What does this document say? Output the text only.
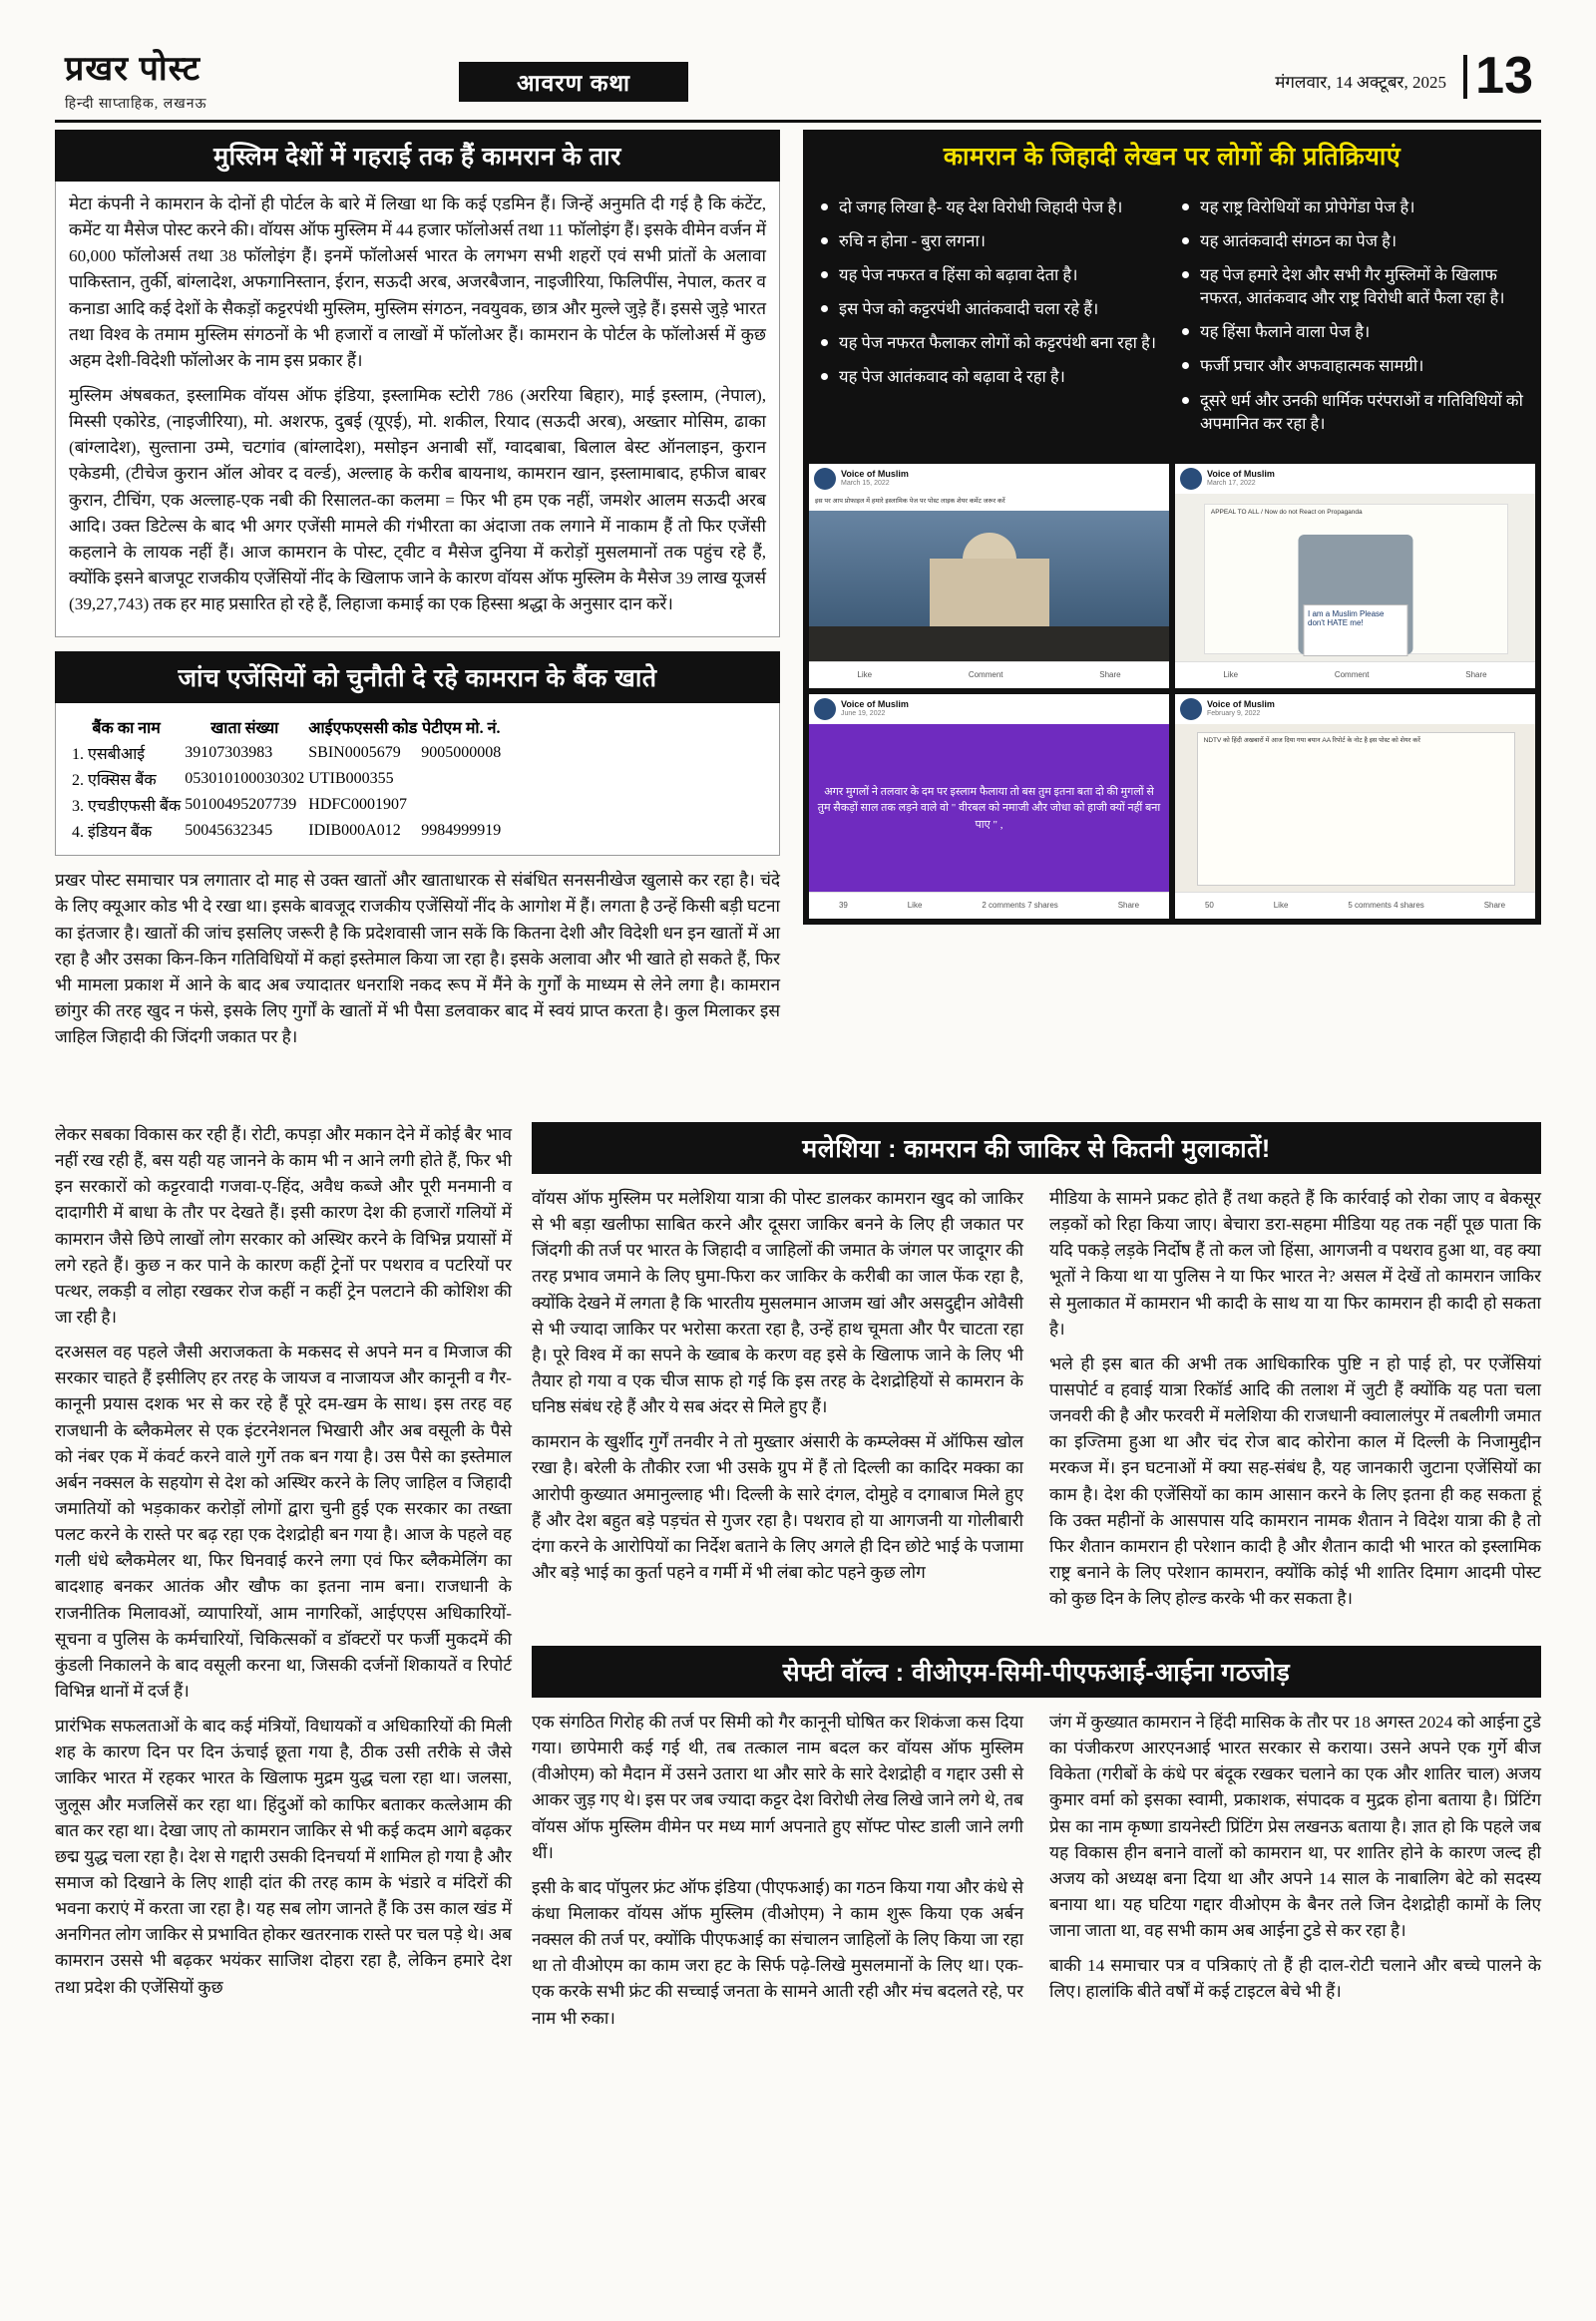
प्रखर पोस्ट
हिन्दी साप्ताहिक, लखनऊ
आवरण कथा	मंगलवार, 14 अक्टूबर, 2025 13
मुस्लिम देशों में गहराई तक हैं कामरान के तार

मेटा कंपनी ने कामरान के दोनों ही पोर्टल के बारे में लिखा था कि कई एडमिन हैं। जिन्हें अनुमति दी गई है कि कंटेंट, कमेंट या मैसेज पोस्ट करने की। वॉयस ऑफ मुस्लिम में 44 हजार फॉलोअर्स तथा 11 फॉलोइंग हैं। इसके वीमेन वर्जन में 60,000 फॉलोअर्स तथा 38 फॉलोइंग हैं। इनमें फॉलोअर्स भारत के लगभग सभी शहरों एवं सभी प्रांतों के अलावा पाकिस्तान, तुर्की, बांग्लादेश, अफगानिस्तान, ईरान, सऊदी अरब, अजरबैजान, नाइजीरिया, फिलिपींस, नेपाल, कतर व कनाडा आदि कई देशों के सैकड़ों कट्टरपंथी मुस्लिम, मुस्लिम संगठन, नवयुवक, छात्र और मुल्ले जुड़े हैं। इससे जुड़े भारत तथा विश्व के तमाम मुस्लिम संगठनों के भी हजारों व लाखों में फॉलोअर हैं। कामरान के पोर्टल के फॉलोअर्स में कुछ अहम देशी-विदेशी फॉलोअर के नाम इस प्रकार हैं।

मुस्लिम अंषबकत, इस्लामिक वॉयस ऑफ इंडिया, इस्लामिक स्टोरी 786 (अररिया बिहार), माई इस्लाम, (नेपाल), मिस्सी एकोरेड, (नाइजीरिया), मो. अशरफ, दुबई (यूएई), मो. शकील, रियाद (सऊदी अरब), अख्तार मोसिम, ढाका (बांग्लादेश), सुल्ताना उम्मे, चटगांव (बांग्लादेश), मसोइन अनाबी साँ, ग्वादबाबा, बिलाल बेस्ट ऑनलाइन, कुरान एकेडमी, (टीचेज कुरान ऑल ओवर द वर्ल्ड), अल्लाह के करीब बायनाथ, कामरान खान, इस्लामाबाद, हफीज बाबर कुरान, टीचिंग, एक अल्लाह-एक नबी की रिसालत-का कलमा = फिर भी हम एक नहीं, जमशेर आलम सऊदी अरब आदि। उक्त डिटेल्स के बाद भी अगर एजेंसी मामले की गंभीरता का अंदाजा तक लगाने में नाकाम हैं तो फिर एजेंसी कहलाने के लायक नहीं हैं। आज कामरान के पोस्ट, ट्वीट व मैसेज दुनिया में करोड़ों मुसलमानों तक पहुंच रहे हैं, क्योंकि इसने बाजपूट राजकीय एजेंसियों नींद के खिलाफ जाने के कारण वॉयस ऑफ मुस्लिम के मैसेज 39 लाख यूजर्स (39,27,743) तक हर माह प्रसारित हो रहे हैं, लिहाजा कमाई का एक हिस्सा श्रद्धा के अनुसार दान करें।

जांच एजेंसियों को चुनौती दे रहे कामरान के बैंक खाते
बैंक का नाम	खाता संख्या	आईएफएससी कोड	पेटीएम मो. नं.
1. एसबीआई	39107303983	SBIN0005679	9005000008
2. एक्सिस बैंक	053010100030302	UTIB000355	
3. एचडीएफसी बैंक	50100495207739	HDFC0001907	
4. इंडियन बैंक	50045632345	IDIB000A012	9984999919

प्रखर पोस्ट समाचार पत्र लगातार दो माह से उक्त खातों और खाताधारक से संबंधित सनसनीखेज खुलासे कर रहा है। चंदे के लिए क्यूआर कोड भी दे रखा था। इसके बावजूद राजकीय एजेंसियों नींद के आगोश में हैं। लगता है उन्हें किसी बड़ी घटना का इंतजार है। खातों की जांच इसलिए जरूरी है कि प्रदेशवासी जान सकें कि कितना देशी और विदेशी धन इन खातों में आ रहा है और उसका किन-किन गतिविधियों में कहां इस्तेमाल किया जा रहा है। इसके अलावा और भी खाते हो सकते हैं, फिर भी मामला प्रकाश में आने के बाद अब ज्यादातर धनराशि नकद रूप में मैंने के गुर्गों के माध्यम से लेने लगा है। कामरान छांगुर की तरह खुद न फंसे, इसके लिए गुर्गों के खातों में भी पैसा डलवाकर बाद में स्वयं प्राप्त करता है। कुल मिलाकर इस जाहिल जिहादी की जिंदगी जकात पर है।

कामरान के जिहादी लेखन पर लोगों की प्रतिक्रियाएं
दो जगह लिखा है- यह देश विरोधी जिहादी पेज है।
रुचि न होना - बुरा लगना।
यह पेज नफरत व हिंसा को बढ़ावा देता है।
इस पेज को कट्टरपंथी आतंकवादी चला रहे हैं।
यह पेज नफरत फैलाकर लोगों को कट्टरपंथी बना रहा है।
यह पेज आतंकवाद को बढ़ावा दे रहा है।
यह राष्ट्र विरोधियों का प्रोपेगेंडा पेज है।
यह आतंकवादी संगठन का पेज है।
यह पेज हमारे देश और सभी गैर मुस्लिमों के खिलाफ नफरत, आतंकवाद और राष्ट्र विरोधी बातें फैला रहा है।
यह हिंसा फैलाने वाला पेज है।
फर्जी प्रचार और अफवाहात्मक सामग्री।
दूसरे धर्म और उनकी धार्मिक परंपराओं व गतिविधियों को अपमानित कर रहा है।
Voice of Muslim
March 15, 2022
इस पर आप प्रोफाइल में हमारे इस्लामिक पेज पर पोस्ट लाइक शेयर कमेंट जरूर करें
Like	Comment	Share
Voice of Muslim
March 17, 2022
APPEAL TO ALL / Now do not React on Propaganda
I am a Muslim Please don't HATE me!
Like	Comment	Share
Voice of Muslim
June 19, 2022
अगर मुगलों ने तलवार के दम पर इस्लाम फैलाया तो बस तुम इतना बता दो की मुगलों से तुम सैकड़ों साल तक लड़ने वाले वो " वीरबल को नमाजी और जोधा को हाजी क्यों नहीं बना पाए " ,
39	Like	2 comments 7 shares	Share
Voice of Muslim
February 9, 2022
NDTV को हिंदी अखबारों में आज दिया गया बयान AA रिपोर्ट के नोट है इस पोस्ट को शेयर करें
50	Like	5 comments 4 shares	Share

लेकर सबका विकास कर रही हैं। रोटी, कपड़ा और मकान देने में कोई बैर भाव नहीं रख रही हैं, बस यही यह जानने के काम भी न आने लगी होते हैं, फिर भी इन सरकारों को कट्टरवादी गजवा-ए-हिंद, अवैध कब्जे और पूरी मनमानी व दादागीरी में बाधा के तौर पर देखते हैं। इसी कारण देश की हजारों गलियों में कामरान जैसे छिपे लाखों लोग सरकार को अस्थिर करने के विभिन्न प्रयासों में लगे रहते हैं। कुछ न कर पाने के कारण कहीं ट्रेनों पर पथराव व पटरियों पर पत्थर, लकड़ी व लोहा रखकर रोज कहीं न कहीं ट्रेन पलटाने की कोशिश की जा रही है।

दरअसल वह पहले जैसी अराजकता के मकसद से अपने मन व मिजाज की सरकार चाहते हैं इसीलिए हर तरह के जायज व नाजायज और कानूनी व गैर-कानूनी प्रयास दशक भर से कर रहे हैं पूरे दम-खम के साथ। इस तरह वह राजधानी के ब्लैकमेलर से एक इंटरनेशनल भिखारी और अब वसूली के पैसे को नंबर एक में कंवर्ट करने वाले गुर्गे तक बन गया है। उस पैसे का इस्तेमाल अर्बन नक्सल के सहयोग से देश को अस्थिर करने के लिए जाहिल व जिहादी जमातियों को भड़काकर करोड़ों लोगों द्वारा चुनी हुई एक सरकार का तख्ता पलट करने के रास्ते पर बढ़ रहा एक देशद्रोही बन गया है। आज के पहले वह गली धंधे ब्लैकमेलर था, फिर घिनवाई करने लगा एवं फिर ब्लैकमेलिंग का बादशाह बनकर आतंक और खौफ का इतना नाम बना। राजधानी के राजनीतिक मिलावओं, व्यापारियों, आम नागरिकों, आईएएस अधिकारियों- सूचना व पुलिस के कर्मचारियों, चिकित्सकों व डॉक्टरों पर फर्जी मुकदमें की कुंडली निकालने के बाद वसूली करना था, जिसकी दर्जनों शिकायतें व रिपोर्ट विभिन्न थानों में दर्ज हैं।

प्रारंभिक सफलताओं के बाद कई मंत्रियों, विधायकों व अधिकारियों की मिली शह के कारण दिन पर दिन ऊंचाई छूता गया है, ठीक उसी तरीके से जैसे जाकिर भारत में रहकर भारत के खिलाफ मुद्रम युद्ध चला रहा था। जलसा, जुलूस और मजलिसें कर रहा था। हिंदुओं को काफिर बताकर कत्लेआम की बात कर रहा था। देखा जाए तो कामरान जाकिर से भी कई कदम आगे बढ़कर छद्म युद्ध चला रहा है। देश से गद्दारी उसकी दिनचर्या में शामिल हो गया है और समाज को दिखाने के लिए शाही दांत की तरह काम के भंडारे व मंदिरों की भवना कराएं में करता जा रहा है। यह सब लोग जानते हैं कि उस काल खंड में अनगिनत लोग जाकिर से प्रभावित होकर खतरनाक रास्ते पर चल पड़े थे। अब कामरान उससे भी बढ़कर भयंकर साजिश दोहरा रहा है, लेकिन हमारे देश तथा प्रदेश की एजेंसियों कुछ

मलेशिया : कामरान की जाकिर से कितनी मुलाकातें!

वॉयस ऑफ मुस्लिम पर मलेशिया यात्रा की पोस्ट डालकर कामरान खुद को जाकिर से भी बड़ा खलीफा साबित करने और दूसरा जाकिर बनने के लिए ही जकात पर जिंदगी की तर्ज पर भारत के जिहादी व जाहिलों की जमात के जंगल पर जादूगर की तरह प्रभाव जमाने के लिए घुमा-फिरा कर जाकिर के करीबी का जाल फेंक रहा है, क्योंकि देखने में लगता है कि भारतीय मुसलमान आजम खां और असदुद्दीन ओवैसी से भी ज्यादा जाकिर पर भरोसा करता रहा है, उन्हें हाथ चूमता और पैर चाटता रहा है। पूरे विश्व में का सपने के ख्वाब के करण वह इसे के खिलाफ जाने के लिए भी तैयार हो गया व एक चीज साफ हो गई कि इस तरह के देशद्रोहियों से कामरान के घनिष्ठ संबंध रहे हैं और ये सब अंदर से मिले हुए हैं।

कामरान के खुर्शीद गुर्गें तनवीर ने तो मुख्तार अंसारी के कम्प्लेक्स में ऑफिस खोल रखा है। बरेली के तौकीर रजा भी उसके ग्रुप में हैं तो दिल्ली का कादिर मक्का का आरोपी कुख्यात अमानुल्लाह भी। दिल्ली के सारे दंगल, दोमुहे व दगाबाज मिले हुए हैं और देश बहुत बड़े पड़चंत से गुजर रहा है। पथराव हो या आगजनी या गोलीबारी दंगा करने के आरोपियों का निर्देश बताने के लिए अगले ही दिन छोटे भाई के पजामा और बड़े भाई का कुर्ता पहने व गर्मी में भी लंबा कोट पहने कुछ लोग

मीडिया के सामने प्रकट होते हैं तथा कहते हैं कि कार्रवाई को रोका जाए व बेकसूर लड़कों को रिहा किया जाए। बेचारा डरा-सहमा मीडिया यह तक नहीं पूछ पाता कि यदि पकड़े लड़के निर्दोष हैं तो कल जो हिंसा, आगजनी व पथराव हुआ था, वह क्या भूतों ने किया था या पुलिस ने या फिर भारत ने? असल में देखें तो कामरान जाकिर से मुलाकात में कामरान भी कादी के साथ या या फिर कामरान ही कादी हो सकता है।

भले ही इस बात की अभी तक आधिकारिक पुष्टि न हो पाई हो, पर एजेंसियां पासपोर्ट व हवाई यात्रा रिकॉर्ड आदि की तलाश में जुटी हैं क्योंकि यह पता चला जनवरी की है और फरवरी में मलेशिया की राजधानी क्वालालंपुर में तबलीगी जमात का इज्तिमा हुआ था और चंद रोज बाद कोरोना काल में दिल्ली के निजामुद्दीन मरकज में। इन घटनाओं में क्या सह-संबंध है, यह जानकारी जुटाना एजेंसियों का काम है। देश की एजेंसियों का काम आसान करने के लिए इतना ही कह सकता हूं कि उक्त महीनों के आसपास यदि कामरान नामक शैतान ने विदेश यात्रा की है तो फिर शैतान कामरान ही परेशान कादी है और शैतान कादी भी भारत को इस्लामिक राष्ट्र बनाने के लिए परेशान कामरान, क्योंकि कोई भी शातिर दिमाग आदमी पोस्ट को कुछ दिन के लिए होल्ड करके भी कर सकता है।

सेफ्टी वॉल्व : वीओएम-सिमी-पीएफआई-आईना गठजोड़

एक संगठित गिरोह की तर्ज पर सिमी को गैर कानूनी घोषित कर शिकंजा कस दिया गया। छापेमारी कई गई थी, तब तत्काल नाम बदल कर वॉयस ऑफ मुस्लिम (वीओएम) को मैदान में उसने उतारा था और सारे के सारे देशद्रोही व गद्दार उसी से आकर जुड़ गए थे। इस पर जब ज्यादा कट्टर देश विरोधी लेख लिखे जाने लगे थे, तब वॉयस ऑफ मुस्लिम वीमेन पर मध्य मार्ग अपनाते हुए सॉफ्ट पोस्ट डाली जाने लगी थीं।

इसी के बाद पॉपुलर फ्रंट ऑफ इंडिया (पीएफआई) का गठन किया गया और कंधे से कंधा मिलाकर वॉयस ऑफ मुस्लिम (वीओएम) ने काम शुरू किया एक अर्बन नक्सल की तर्ज पर, क्योंकि पीएफआई का संचालन जाहिलों के लिए किया जा रहा था तो वीओएम का काम जरा हट के सिर्फ पढ़े-लिखे मुसलमानों के लिए था। एक-एक करके सभी फ्रंट की सच्चाई जनता के सामने आती रही और मंच बदलते रहे, पर नाम भी रुका।

जंग में कुख्यात कामरान ने हिंदी मासिक के तौर पर 18 अगस्त 2024 को आईना टुडे का पंजीकरण आरएनआई भारत सरकार से कराया। उसने अपने एक गुर्गे बीज विकेता (गरीबों के कंधे पर बंदूक रखकर चलाने का एक और शातिर चाल) अजय कुमार वर्मा को इसका स्वामी, प्रकाशक, संपादक व मुद्रक होना बताया है। प्रिंटिंग प्रेस का नाम कृष्णा डायनेस्टी प्रिंटिंग प्रेस लखनऊ बताया है। ज्ञात हो कि पहले जब यह विकास हीन बनाने वालों को कामरान था, पर शातिर होने के कारण जल्द ही अजय को अध्यक्ष बना दिया था और अपने 14 साल के नाबालिग बेटे को सदस्य बनाया था। यह घटिया गद्दार वीओएम के बैनर तले जिन देशद्रोही कामों के लिए जाना जाता था, वह सभी काम अब आईना टुडे से कर रहा है।

बाकी 14 समाचार पत्र व पत्रिकाएं तो हैं ही दाल-रोटी चलाने और बच्चे पालने के लिए। हालांकि बीते वर्षों में कई टाइटल बेचे भी हैं।
